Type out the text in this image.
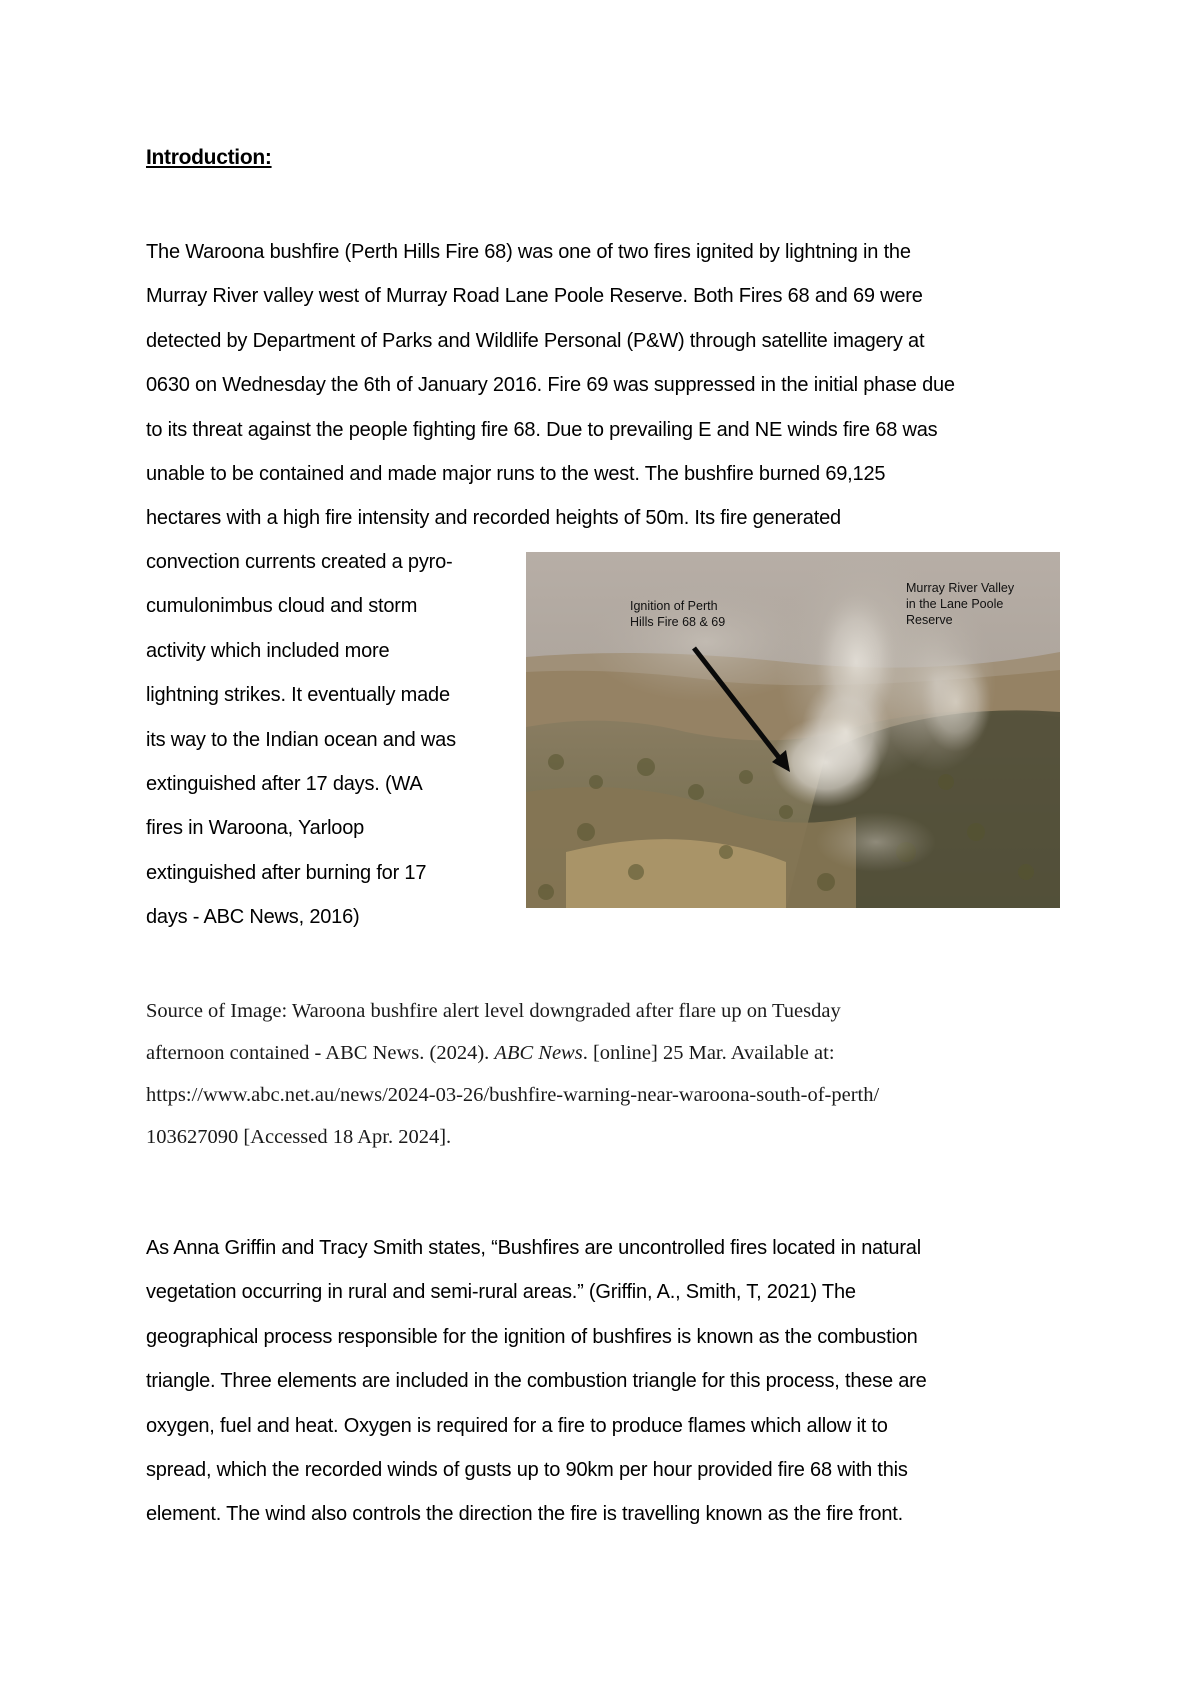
Introduction:
The Waroona bushfire (Perth Hills Fire 68) was one of two fires ignited by lightning in the
Murray River valley west of Murray Road Lane Poole Reserve. Both Fires 68 and 69 were
detected by Department of Parks and Wildlife Personal (P&W) through satellite imagery at
0630 on Wednesday the 6th of January 2016. Fire 69 was suppressed in the initial phase due
to its threat against the people fighting fire 68. Due to prevailing E and NE winds fire 68 was
unable to be contained and made major runs to the west. The bushfire burned 69,125
hectares with a high fire intensity and recorded heights of 50m. Its fire generated
convection currents created a pyro-
cumulonimbus cloud and storm
activity which included more
lightning strikes. It eventually made
its way to the Indian ocean and was
extinguished after 17 days. (WA
fires in Waroona, Yarloop
extinguished after burning for 17
days - ABC News, 2016)
Ignition of Perth
Hills Fire 68 & 69
Murray River Valley
in the Lane Poole
Reserve
Source of Image: Waroona bushfire alert level downgraded after flare up on Tuesday
afternoon contained - ABC News. (2024). ABC News. [online] 25 Mar. Available at:
https://www.abc.net.au/news/2024-03-26/bushfire-warning-near-waroona-south-of-perth/
103627090 [Accessed 18 Apr. 2024].
As Anna Griffin and Tracy Smith states, “Bushfires are uncontrolled fires located in natural
vegetation occurring in rural and semi-rural areas.” (Griffin, A., Smith, T, 2021) The
geographical process responsible for the ignition of bushfires is known as the combustion
triangle. Three elements are included in the combustion triangle for this process, these are
oxygen, fuel and heat. Oxygen is required for a fire to produce flames which allow it to
spread, which the recorded winds of gusts up to 90km per hour provided fire 68 with this
element. The wind also controls the direction the fire is travelling known as the fire front.
